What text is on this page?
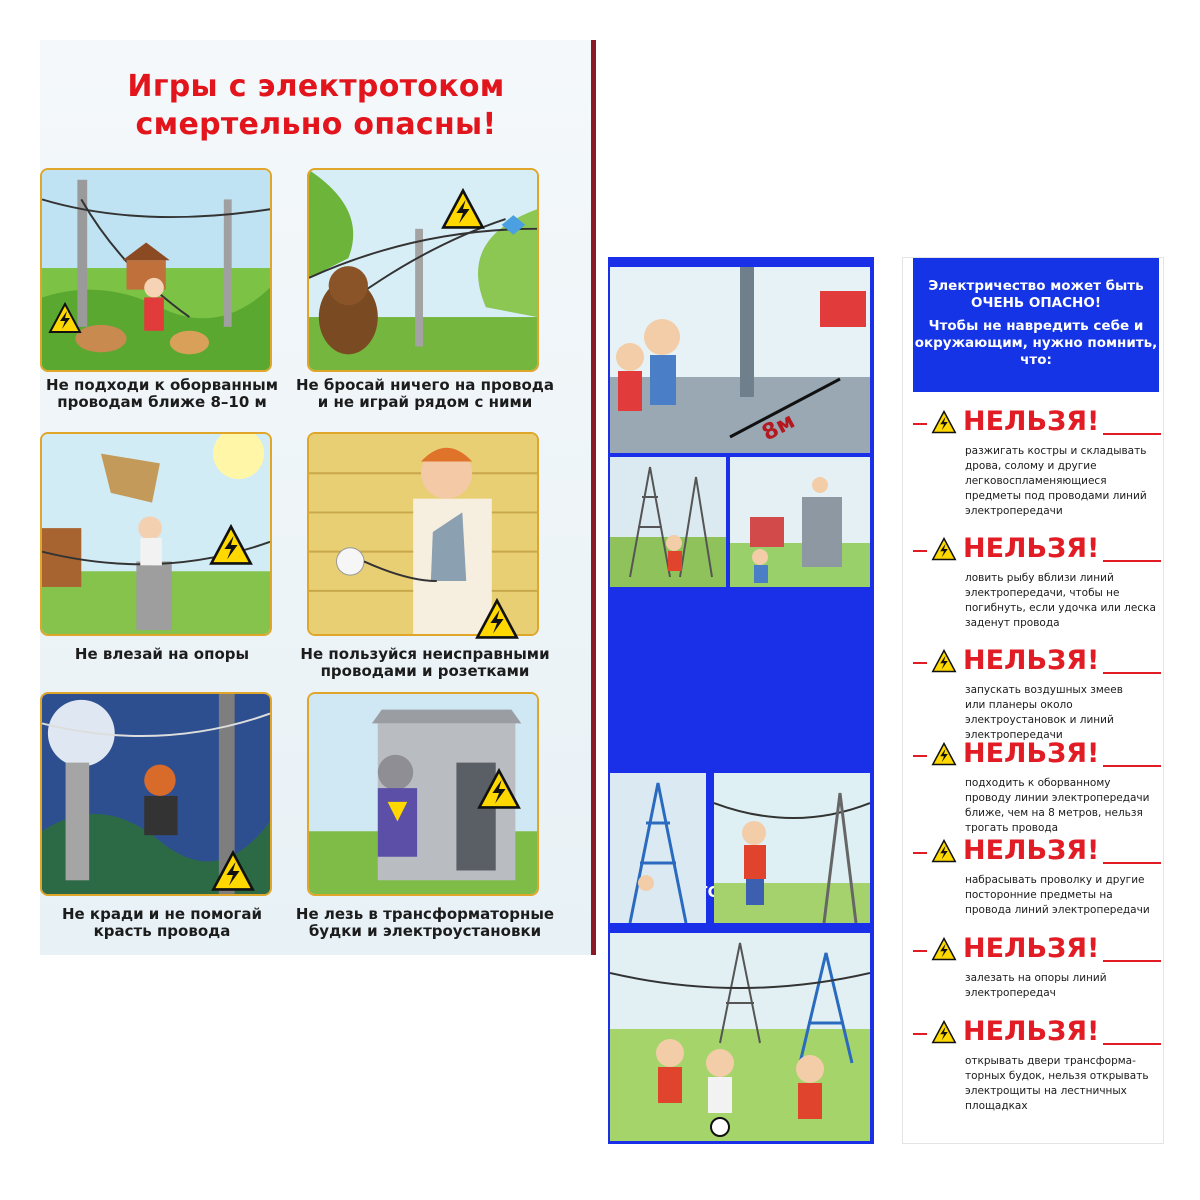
Игры с электротоком
смертельно опасны!
Не подходи к оборванным
проводам ближе 8–10 м
Не бросай ничего на провода
и не играй рядом с ними
Не влезай на опоры	Не пользуйся неисправными
проводами и розетками
Не кради и не помогай
красть провода
Не лезь в трансформаторные
будки и электроустановки
8м
Электричество может быть
ОЧЕНЬ ОПАСНО!
Чтобы не навредить себе и
окружающим, нужно помнить, что:
НЕЛЬЗЯ!
разжигать костры и складывать
дрова, солому и другие
легковоспламеняющиеся
предметы под проводами линий
электропередачи
НЕЛЬЗЯ!
ловить рыбу вблизи линий
электропередачи, чтобы не
погибнуть, если удочка или леска
заденут провода
НЕЛЬЗЯ!
запускать воздушных змеев
или планеры около
электроустановок и линий
электропередачи
НЕЛЬЗЯ!
подходить к оборванному
проводу линии электропередачи
ближе, чем на 8 метров, нельзя
трогать провода
НЕЛЬЗЯ!
набрасывать проволку и другие
посторонние предметы на
провода линий электропередачи
НЕЛЬЗЯ!
залезать на опоры линий
электропередач
НЕЛЬЗЯ!
открывать двери трансформа-
торных будок, нельзя открывать
электрощиты на лестничных
площадках
